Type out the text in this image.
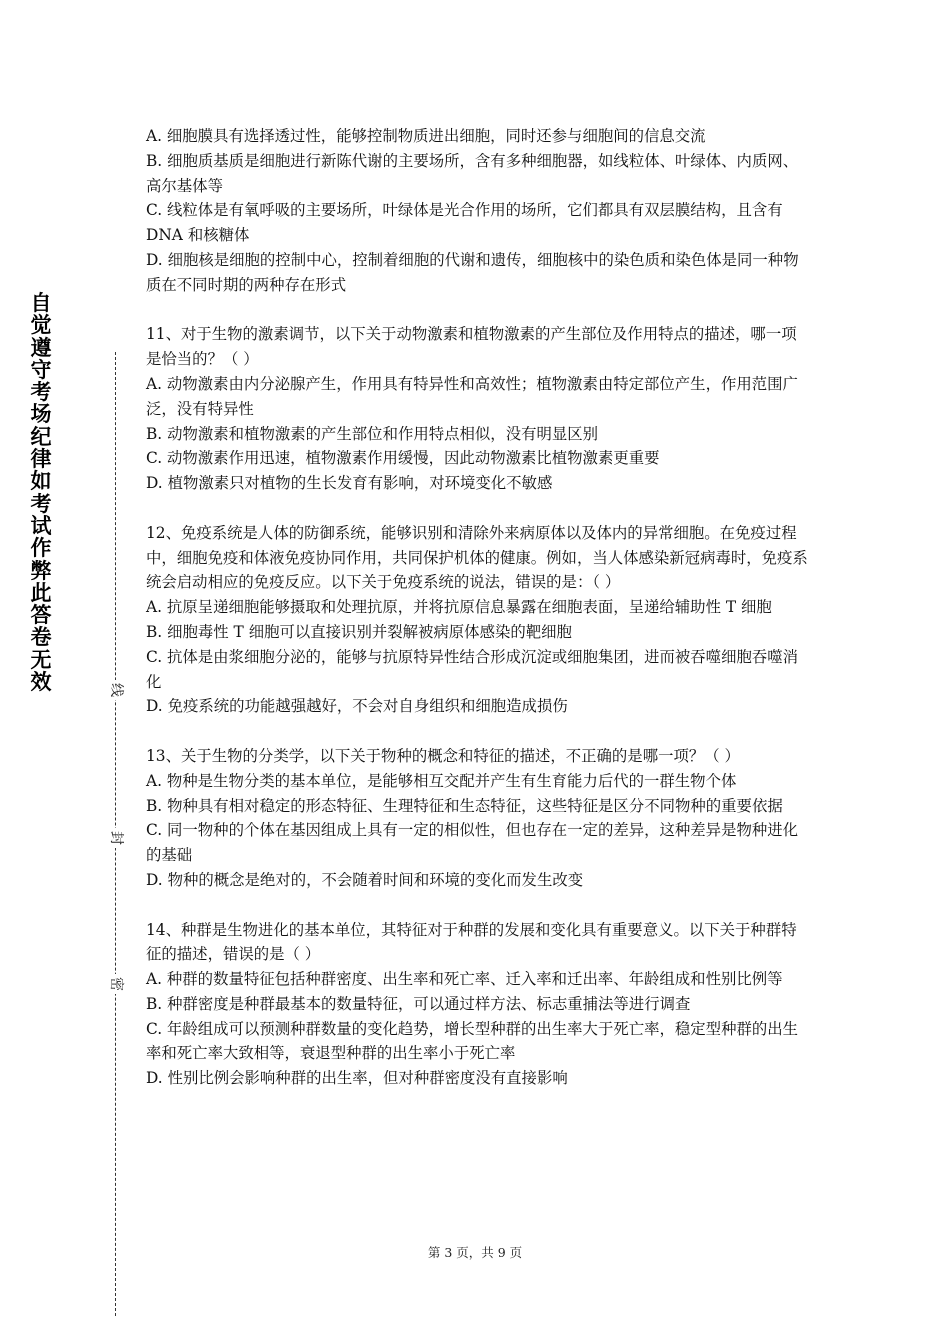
自觉遵守考场纪律如考试作弊此答卷无效	线
封
密

A. 细胞膜具有选择透过性，能够控制物质进出细胞，同时还参与细胞间的信息交流

B. 细胞质基质是细胞进行新陈代谢的主要场所，含有多种细胞器，如线粒体、叶绿体、内质网、高尔基体等

C. 线粒体是有氧呼吸的主要场所，叶绿体是光合作用的场所，它们都具有双层膜结构，且含有 DNA 和核糖体

D. 细胞核是细胞的控制中心，控制着细胞的代谢和遗传，细胞核中的染色质和染色体是同一种物质在不同时期的两种存在形式

11、对于生物的激素调节，以下关于动物激素和植物激素的产生部位及作用特点的描述，哪一项是恰当的？（ ）

A. 动物激素由内分泌腺产生，作用具有特异性和高效性；植物激素由特定部位产生，作用范围广泛，没有特异性

B. 动物激素和植物激素的产生部位和作用特点相似，没有明显区别

C. 动物激素作用迅速，植物激素作用缓慢，因此动物激素比植物激素更重要

D. 植物激素只对植物的生长发育有影响，对环境变化不敏感

12、免疫系统是人体的防御系统，能够识别和清除外来病原体以及体内的异常细胞。在免疫过程中，细胞免疫和体液免疫协同作用，共同保护机体的健康。例如，当人体感染新冠病毒时，免疫系统会启动相应的免疫反应。以下关于免疫系统的说法，错误的是：（ ）

A. 抗原呈递细胞能够摄取和处理抗原，并将抗原信息暴露在细胞表面，呈递给辅助性 T 细胞

B. 细胞毒性 T 细胞可以直接识别并裂解被病原体感染的靶细胞

C. 抗体是由浆细胞分泌的，能够与抗原特异性结合形成沉淀或细胞集团，进而被吞噬细胞吞噬消化

D. 免疫系统的功能越强越好，不会对自身组织和细胞造成损伤

13、关于生物的分类学，以下关于物种的概念和特征的描述，不正确的是哪一项？（ ）

A. 物种是生物分类的基本单位，是能够相互交配并产生有生育能力后代的一群生物个体

B. 物种具有相对稳定的形态特征、生理特征和生态特征，这些特征是区分不同物种的重要依据

C. 同一物种的个体在基因组成上具有一定的相似性，但也存在一定的差异，这种差异是物种进化的基础

D. 物种的概念是绝对的，不会随着时间和环境的变化而发生改变

14、种群是生物进化的基本单位，其特征对于种群的发展和变化具有重要意义。以下关于种群特征的描述，错误的是（ ）

A. 种群的数量特征包括种群密度、出生率和死亡率、迁入率和迁出率、年龄组成和性别比例等

B. 种群密度是种群最基本的数量特征，可以通过样方法、标志重捕法等进行调查

C. 年龄组成可以预测种群数量的变化趋势，增长型种群的出生率大于死亡率，稳定型种群的出生率和死亡率大致相等，衰退型种群的出生率小于死亡率

D. 性别比例会影响种群的出生率，但对种群密度没有直接影响

第 3 页，共 9 页
